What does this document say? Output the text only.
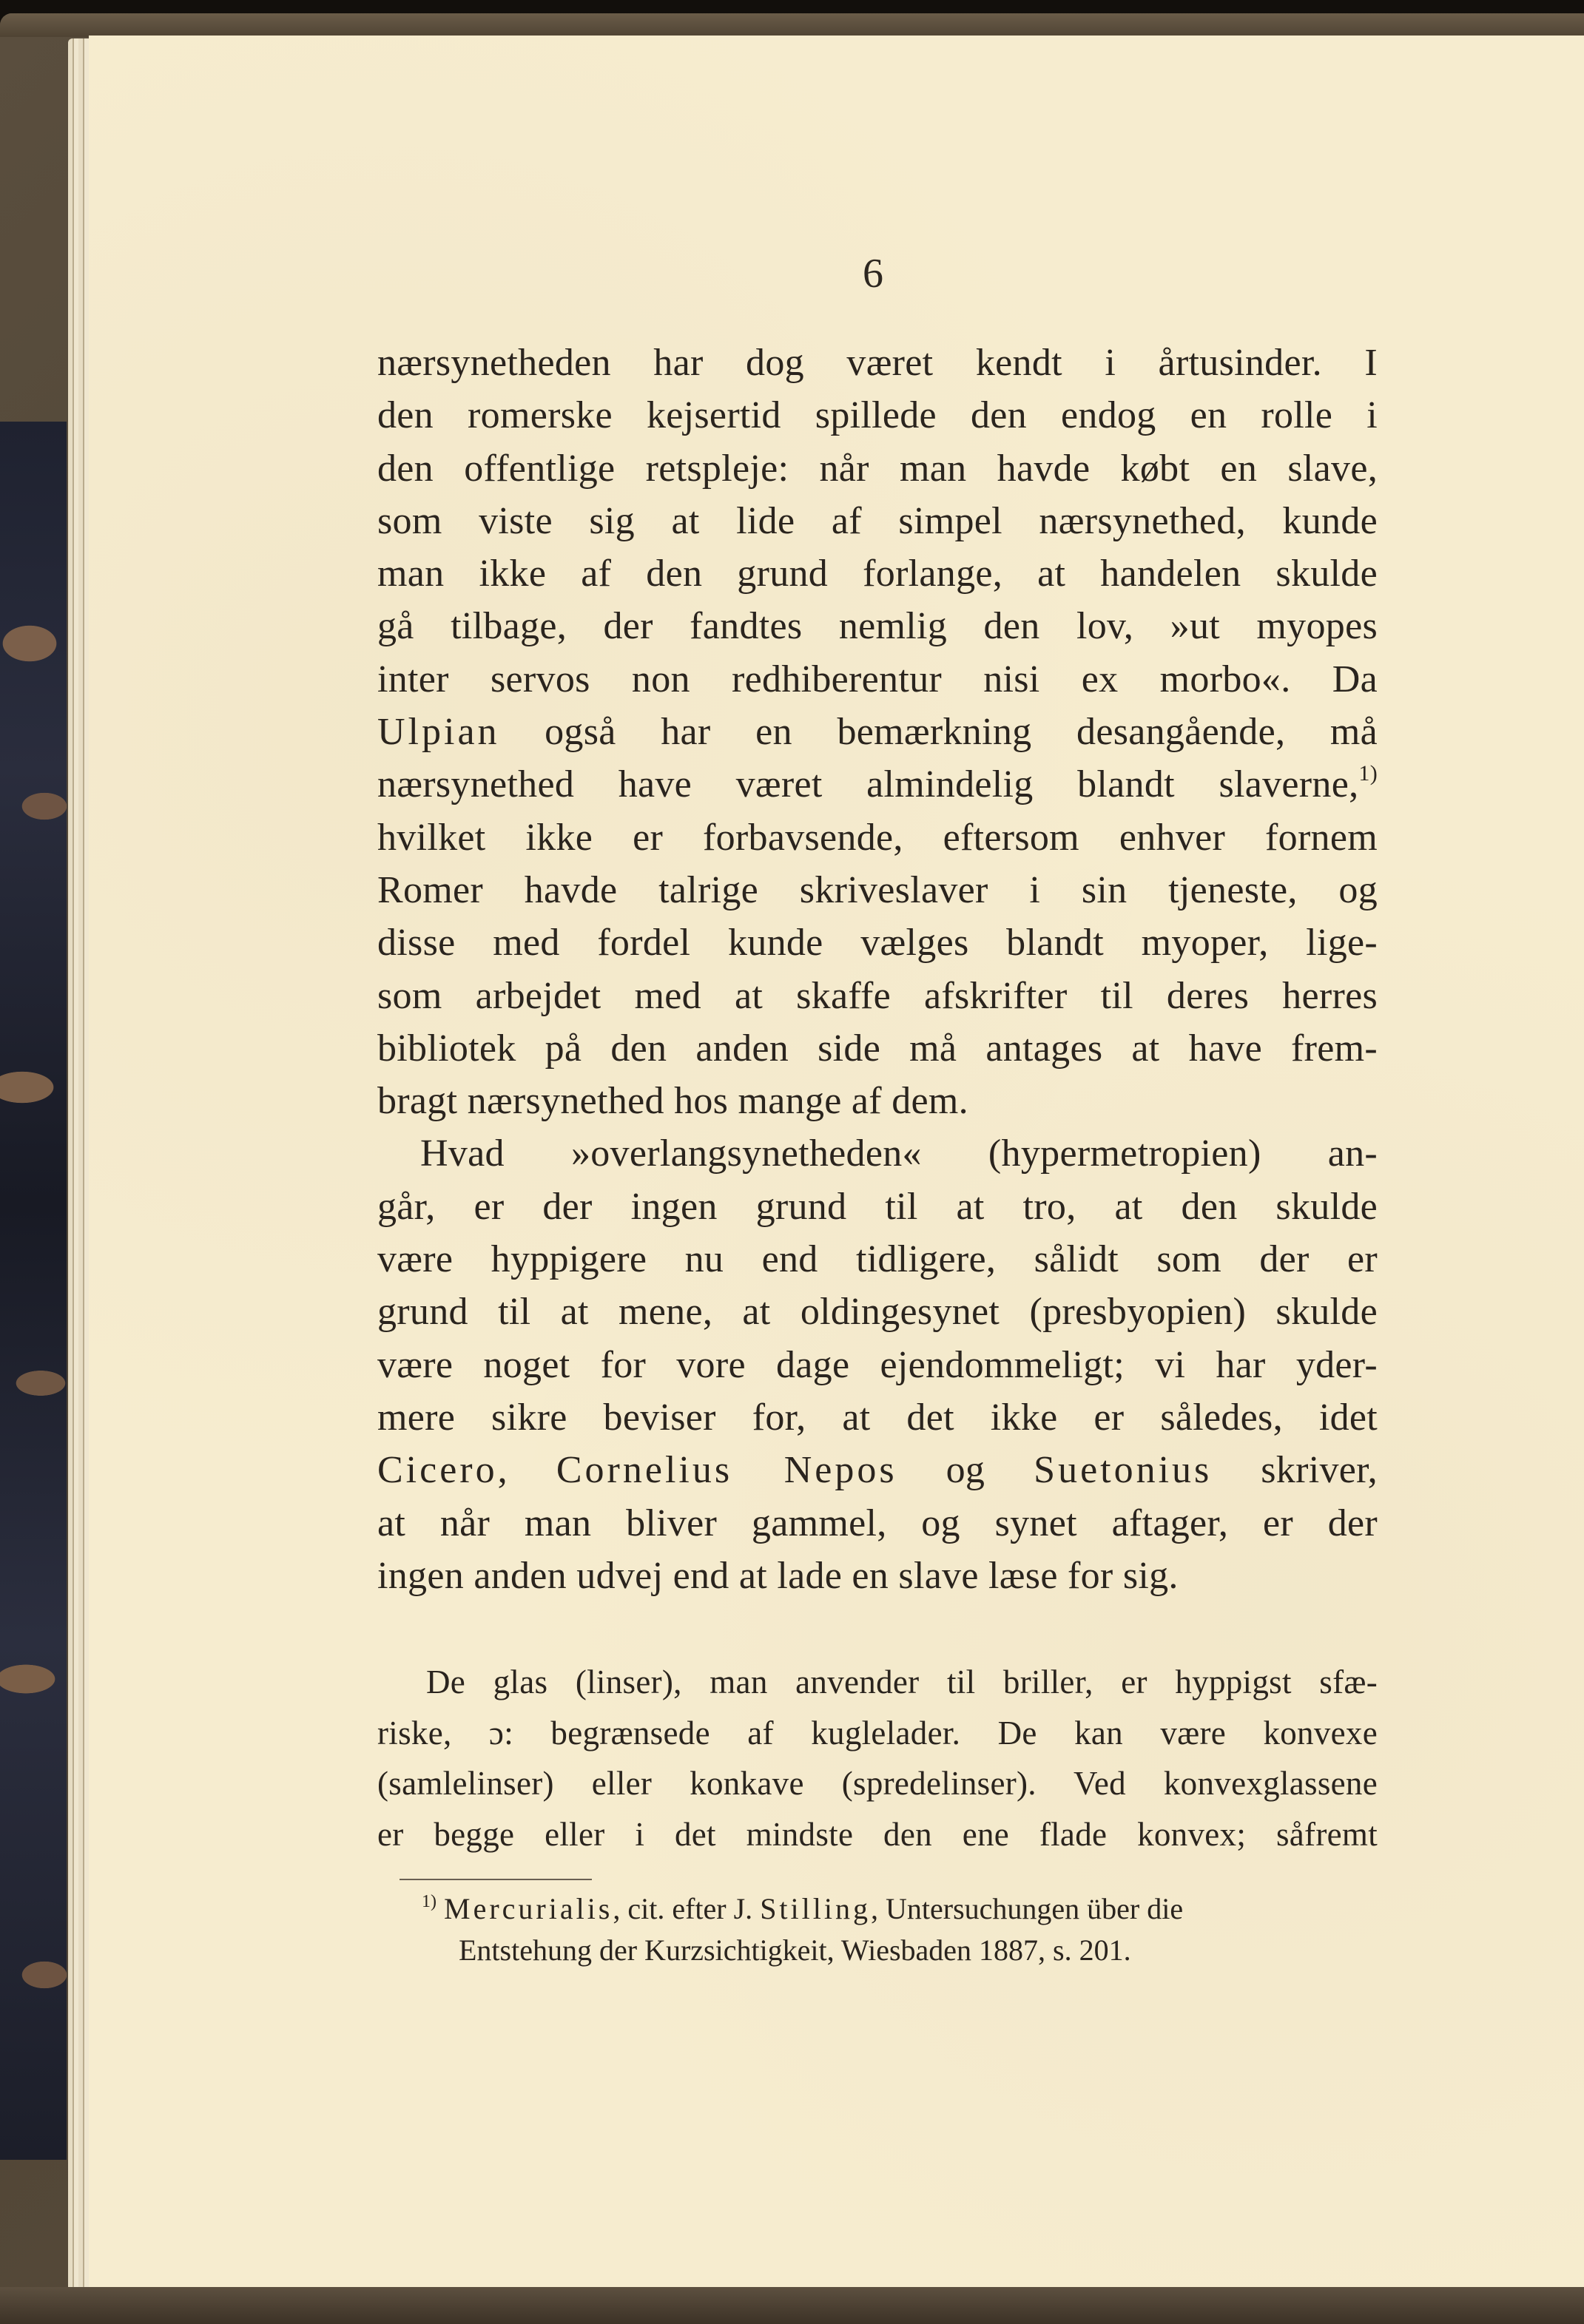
6
nærsynetheden har dog været kendt i årtusinder. I
den romerske kejsertid spillede den endog en rolle i
den offentlige retspleje: når man havde købt en slave,
som viste sig at lide af simpel nærsynethed, kunde
man ikke af den grund forlange, at handelen skulde
gå tilbage, der fandtes nemlig den lov, »ut myopes
inter servos non redhiberentur nisi ex morbo«. Da
Ulpian også har en bemærkning desangående, må
nærsynethed have været almindelig blandt slaverne,$^{1)}$
hvilket ikke er forbavsende, eftersom enhver fornem
Romer havde talrige skriveslaver i sin tjeneste, og
disse med fordel kunde vælges blandt myoper, lige-
som arbejdet med at skaffe afskrifter til deres herres
bibliotek på den anden side må antages at have frem-
bragt nærsynethed hos mange af dem.
Hvad »overlangsynetheden« (hypermetropien) an-
går, er der ingen grund til at tro, at den skulde
være hyppigere nu end tidligere, sålidt som der er
grund til at mene, at oldingesynet (presbyopien) skulde
være noget for vore dage ejendommeligt; vi har yder-
mere sikre beviser for, at det ikke er således, idet
Cicero, Cornelius Nepos og Suetonius skriver,
at når man bliver gammel, og synet aftager, er der
ingen anden udvej end at lade en slave læse for sig.
De glas (linser), man anvender til briller, er hyppigst sfæ-
riske, ɔ: begrænsede af kuglelader. De kan være konvexe
(samlelinser) eller konkave (spredelinser). Ved konvexglassene
er begge eller i det mindste den ene flade konvex; såfremt
$^{1)}$ Mercurialis, cit. efter J. Stilling, Untersuchungen über die
Entstehung der Kurzsichtigkeit, Wiesbaden 1887, s. 201.
